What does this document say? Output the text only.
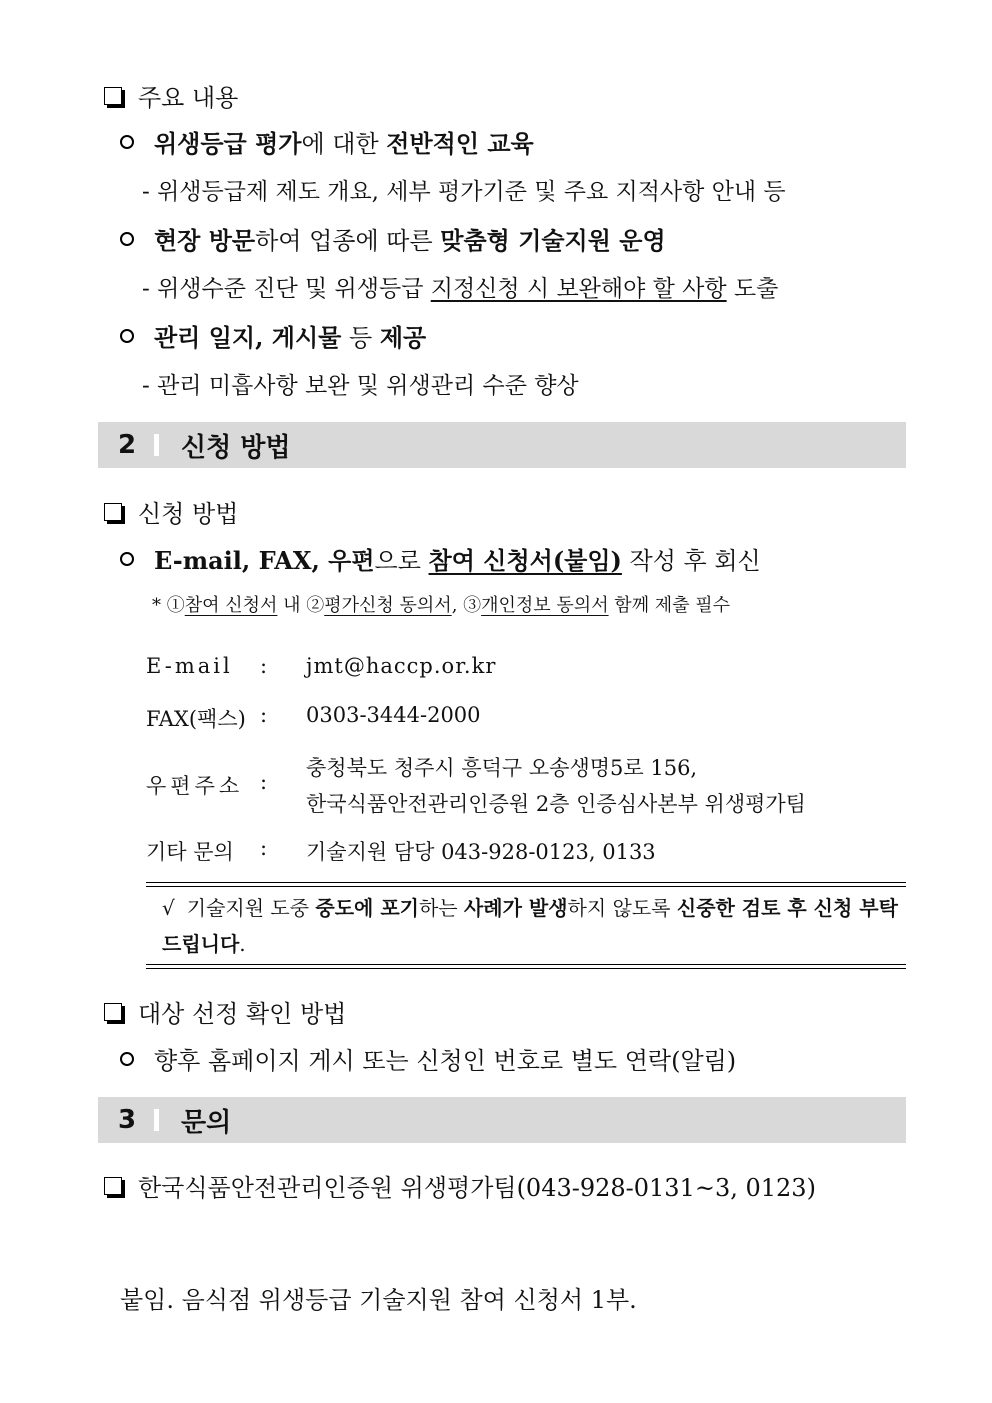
주요 내용
위생등급 평가 에 대한 전반적인 교육
- 위생등급제 제도 개요, 세부 평가기준 및 주요 지적사항 안내 등
현장 방문 하여 업종에 따른 맞춤형 기술지원 운영
- 위생수준 진단 및 위생등급 지정신청 시 보완해야 할 사항 도출
관리 일지, 게시물 등 제공
- 관리 미흡사항 보완 및 위생관리 수준 향상
2 신청 방법
신청 방법
E-mail, FAX, 우편 으로 참여 신청서(붙임) 작성 후 회신
* ①참여 신청서 내 ②평가신청 동의서, ③개인정보 동의서 함께 제출 필수
E-mail : jmt@haccp.or.kr
FAX(팩스) : 0303-3444-2000
우편주소 :
충청북도 청주시 흥덕구 오송생명5로 156,
한국식품안전관리인증원 2층 인증심사본부 위생평가팀
기타 문의 : 기술지원 담당 043-928-0123, 0133
√ 기술지원 도중 중도에 포기하는 사례가 발생하지 않도록 신중한 검토 후 신청 부탁드립니다.
대상 선정 확인 방법
향후 홈페이지 게시 또는 신청인 번호로 별도 연락(알림)
3 문의
한국식품안전관리인증원 위생평가팀(043-928-0131~3, 0123)
붙임. 음식점 위생등급 기술지원 참여 신청서 1부.
